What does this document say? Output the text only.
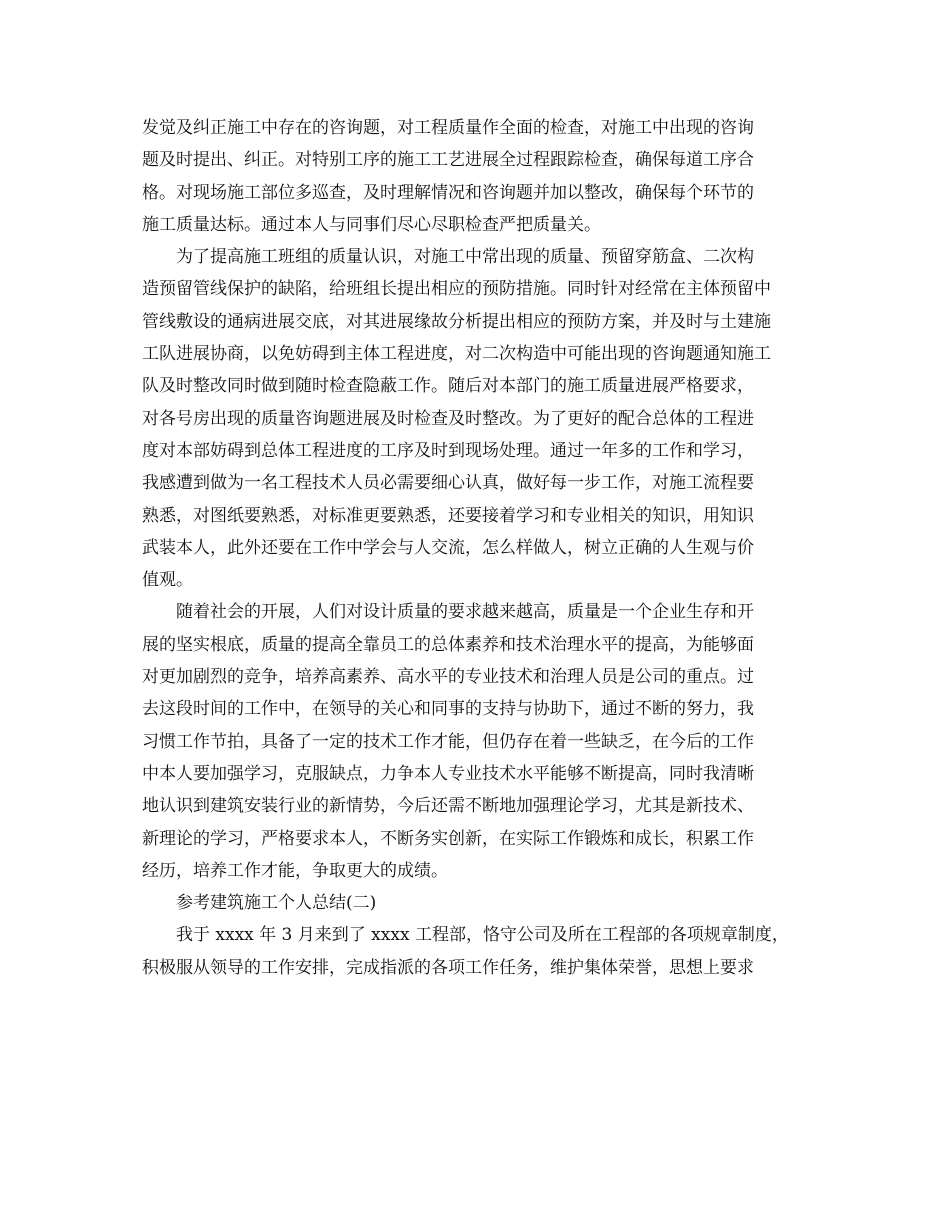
发觉及纠正施工中存在的咨询题，对工程质量作全面的检查，对施工中出现的咨询
题及时提出、纠正。对特别工序的施工工艺进展全过程跟踪检查，确保每道工序合
格。对现场施工部位多巡查，及时理解情况和咨询题并加以整改，确保每个环节的
施工质量达标。通过本人与同事们尽心尽职检查严把质量关。
为了提高施工班组的质量认识，对施工中常出现的质量、预留穿筋盒、二次构
造预留管线保护的缺陷，给班组长提出相应的预防措施。同时针对经常在主体预留中
管线敷设的通病进展交底，对其进展缘故分析提出相应的预防方案，并及时与土建施
工队进展协商，以免妨碍到主体工程进度，对二次构造中可能出现的咨询题通知施工
队及时整改同时做到随时检查隐蔽工作。随后对本部门的施工质量进展严格要求，
对各号房出现的质量咨询题进展及时检查及时整改。为了更好的配合总体的工程进
度对本部妨碍到总体工程进度的工序及时到现场处理。通过一年多的工作和学习，
我感遭到做为一名工程技术人员必需要细心认真，做好每一步工作，对施工流程要
熟悉，对图纸要熟悉，对标准更要熟悉，还要接着学习和专业相关的知识，用知识
武装本人，此外还要在工作中学会与人交流，怎么样做人，树立正确的人生观与价
值观。
随着社会的开展，人们对设计质量的要求越来越高，质量是一个企业生存和开
展的坚实根底，质量的提高全靠员工的总体素养和技术治理水平的提高，为能够面
对更加剧烈的竞争，培养高素养、高水平的专业技术和治理人员是公司的重点。过
去这段时间的工作中，在领导的关心和同事的支持与协助下，通过不断的努力，我
习惯工作节拍，具备了一定的技术工作才能，但仍存在着一些缺乏，在今后的工作
中本人要加强学习，克服缺点，力争本人专业技术水平能够不断提高，同时我清晰
地认识到建筑安装行业的新情势，今后还需不断地加强理论学习，尤其是新技术、
新理论的学习，严格要求本人，不断务实创新，在实际工作锻炼和成长，积累工作
经历，培养工作才能，争取更大的成绩。
参考建筑施工个人总结(二)
我于 xxxx 年 3 月来到了 xxxx 工程部，恪守公司及所在工程部的各项规章制度，
积极服从领导的工作安排，完成指派的各项工作任务，维护集体荣誉，思想上要求
